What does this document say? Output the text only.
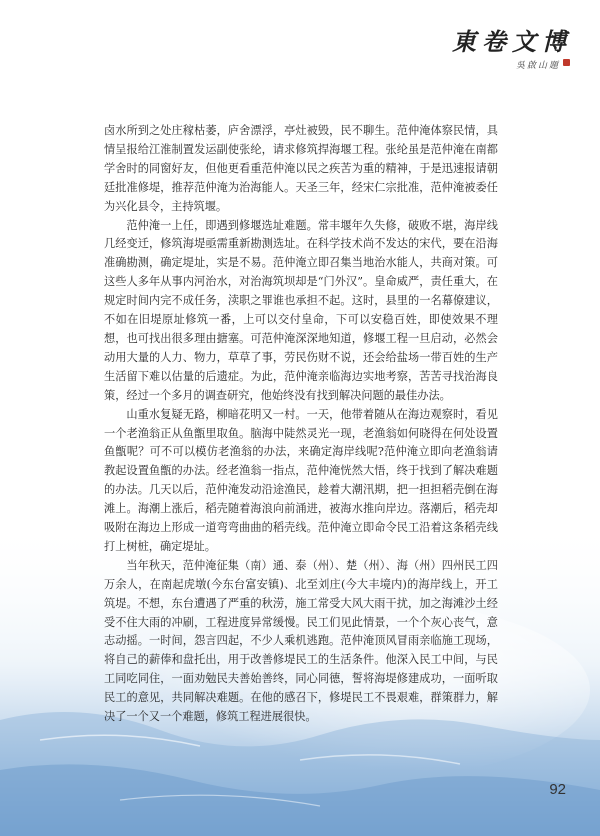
東卷文博
吳啟山題

卤水所到之处庄稼枯萎，庐舍漂浮，亭灶被毁，民不聊生。范仲淹体察民情，具情呈报给江淮制置发运副使张纶，请求修筑捍海堰工程。张纶虽是范仲淹在南都学舍时的同窗好友，但他更看重范仲淹以民之疾苦为重的精神，于是迅速报请朝廷批准修堤，推荐范仲淹为治海能人。天圣三年，经宋仁宗批准，范仲淹被委任为兴化县令，主持筑堰。

范仲淹一上任，即遇到修堰选址难题。常丰堰年久失修，破败不堪，海岸线几经变迁，修筑海堤亟需重新勘测选址。在科学技术尚不发达的宋代，要在沿海准确勘测，确定堤址，实是不易。范仲淹立即召集当地治水能人，共商对策。可这些人多年从事内河治水，对治海筑坝却是“门外汉”。皇命威严，责任重大，在规定时间内完不成任务，渎职之罪谁也承担不起。这时，县里的一名幕僚建议，不如在旧堤原址修筑一番，上可以交付皇命，下可以安稳百姓，即使效果不理想，也可找出很多理由搪塞。可范仲淹深深地知道，修堰工程一旦启动，必然会动用大量的人力、物力，草草了事，劳民伤财不说，还会给盐场一带百姓的生产生活留下难以估量的后遗症。为此，范仲淹亲临海边实地考察，苦苦寻找治海良策，经过一个多月的调查研究，他始终没有找到解决问题的最佳办法。

山重水复疑无路，柳暗花明又一村。一天，他带着随从在海边观察时，看见一个老渔翁正从鱼甑里取鱼。脑海中陡然灵光一现，老渔翁如何晓得在何处设置鱼甑呢？可不可以模仿老渔翁的办法，来确定海岸线呢?范仲淹立即向老渔翁请教起设置鱼甑的办法。经老渔翁一指点，范仲淹恍然大悟，终于找到了解决难题的办法。几天以后，范仲淹发动沿途渔民，趁着大潮汛期，把一担担稻壳倒在海滩上。海潮上涨后，稻壳随着海浪向前涌进，被海水推向岸边。落潮后，稻壳却吸附在海边上形成一道弯弯曲曲的稻壳线。范仲淹立即命令民工沿着这条稻壳线打上树桩，确定堤址。

当年秋天，范仲淹征集（南）通、泰（州）、楚（州）、海（州）四州民工四万余人，在南起虎墩(今东台富安镇)、北至刘庄(今大丰境内)的海岸线上，开工筑堤。不想，东台遭遇了严重的秋涝，施工常受大风大雨干扰，加之海滩沙土经受不住大雨的冲刷，工程进度异常缓慢。民工们见此情景，一个个灰心丧气，意志动摇。一时间，怨言四起，不少人乘机逃跑。范仲淹顶风冒雨亲临施工现场，将自己的薪俸和盘托出，用于改善修堤民工的生活条件。他深入民工中间，与民工同吃同住，一面劝勉民夫善始善终，同心同德，誓将海堤修建成功，一面听取民工的意见，共同解决难题。在他的感召下，修堤民工不畏艰难，群策群力，解决了一个又一个难题，修筑工程进展很快。

92
